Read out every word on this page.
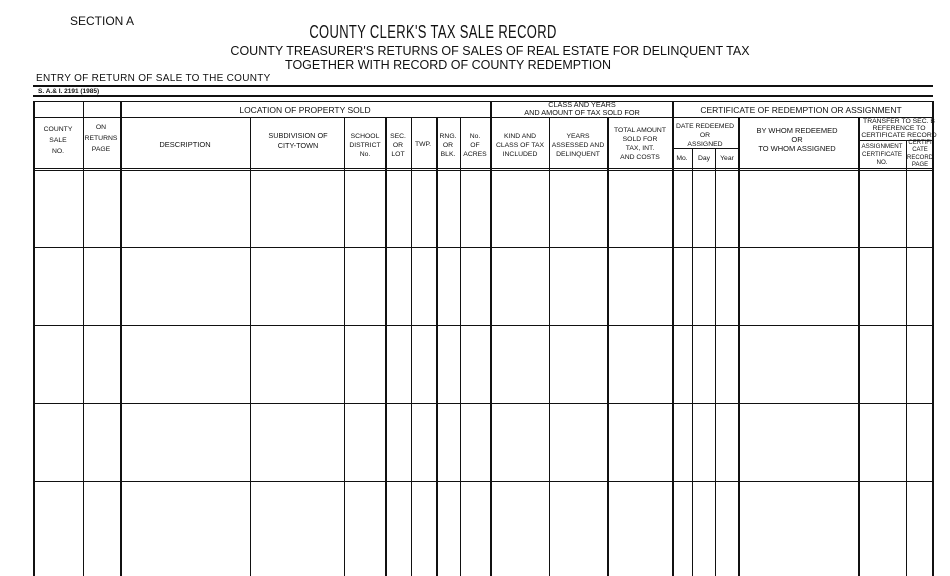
SECTION A
COUNTY CLERK'S TAX SALE RECORD
COUNTY TREASURER'S RETURNS OF SALES OF REAL ESTATE FOR DELINQUENT TAX
TOGETHER WITH RECORD OF COUNTY REDEMPTION
ENTRY OF RETURN OF SALE TO THE COUNTY
S. A.& I. 2191 (1985)
LOCATION OF PROPERTY SOLD
CLASS AND YEARS
AND AMOUNT OF TAX SOLD FOR	CERTIFICATE OF REDEMPTION OR ASSIGNMENT
TRANSFER TO SEC. B
REFERENCE TO
CERTIFICATE RECORD
COUNTY
SALE
NO.
ON
RETURNS
PAGE
DESCRIPTION
SUBDIVISION OF
CITY-TOWN
SCHOOL
DISTRICT
No.
SEC.
OR
LOT
TWP.
RNG.
OR
BLK.
No.
OF
ACRES
KIND AND
CLASS OF TAX
INCLUDED
YEARS
ASSESSED AND
DELINQUENT
TOTAL AMOUNT
SOLD FOR
TAX, INT.
AND COSTS
DATE REDEEMED
OR
ASSIGNED
Mo. Day Year
BY WHOM REDEEMED
OR
TO WHOM ASSIGNED	ASSIGNMENT
CERTIFICATE
NO.
CERTIFI
CATE
RECORD
PAGE
